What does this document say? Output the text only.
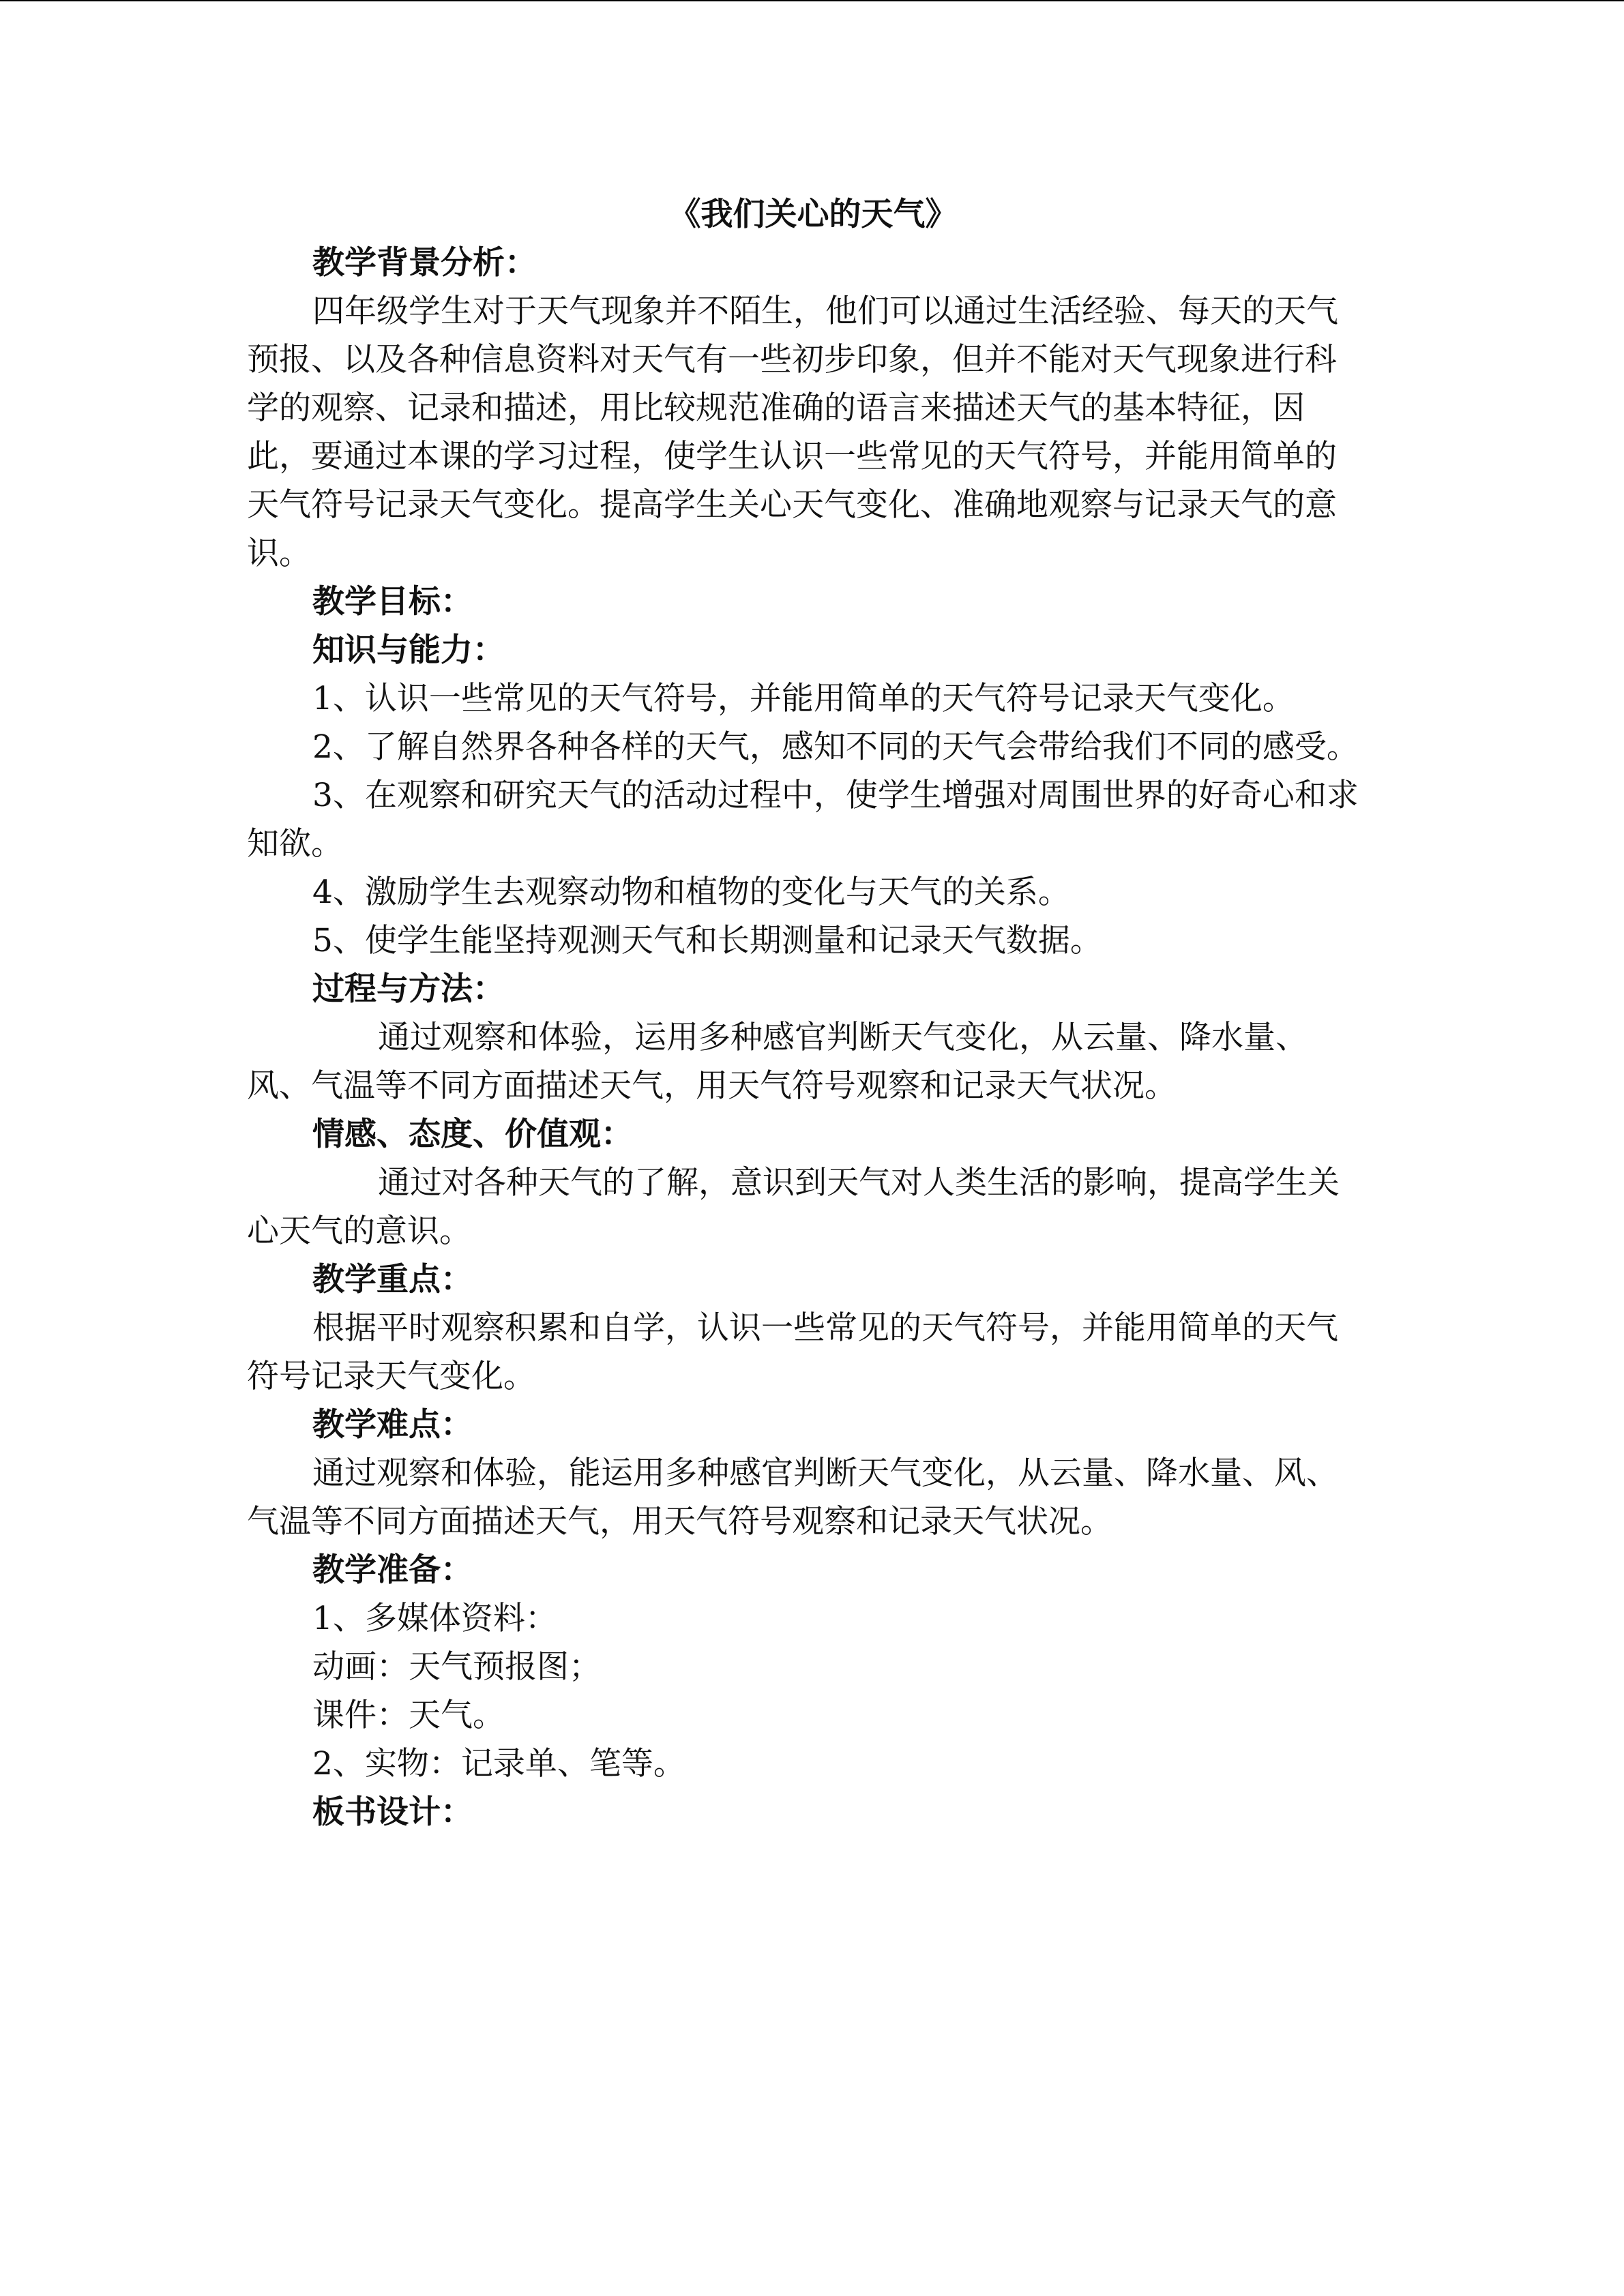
《我们关心的天气》
教学背景分析：
四年级学生对于天气现象并不陌生，他们可以通过生活经验、每天的天气
预报、以及各种信息资料对天气有一些初步印象，但并不能对天气现象进行科
学的观察、记录和描述，用比较规范准确的语言来描述天气的基本特征，因
此，要通过本课的学习过程，使学生认识一些常见的天气符号，并能用简单的
天气符号记录天气变化。提高学生关心天气变化、准确地观察与记录天气的意
识。
教学目标：
知识与能力：
1、认识一些常见的天气符号，并能用简单的天气符号记录天气变化。
2、了解自然界各种各样的天气，感知不同的天气会带给我们不同的感受。
3、在观察和研究天气的活动过程中，使学生增强对周围世界的好奇心和求
知欲。
4、激励学生去观察动物和植物的变化与天气的关系。
5、使学生能坚持观测天气和长期测量和记录天气数据。
过程与方法：
通过观察和体验，运用多种感官判断天气变化，从云量、降水量、
风、气温等不同方面描述天气，用天气符号观察和记录天气状况。
情感、态度、价值观：
通过对各种天气的了解，意识到天气对人类生活的影响，提高学生关
心天气的意识。
教学重点：
根据平时观察积累和自学，认识一些常见的天气符号，并能用简单的天气
符号记录天气变化。
教学难点：
通过观察和体验，能运用多种感官判断天气变化，从云量、降水量、风、
气温等不同方面描述天气，用天气符号观察和记录天气状况。
教学准备：
1、多媒体资料：
动画：天气预报图；
课件：天气。
2、实物：记录单、笔等。
板书设计：
